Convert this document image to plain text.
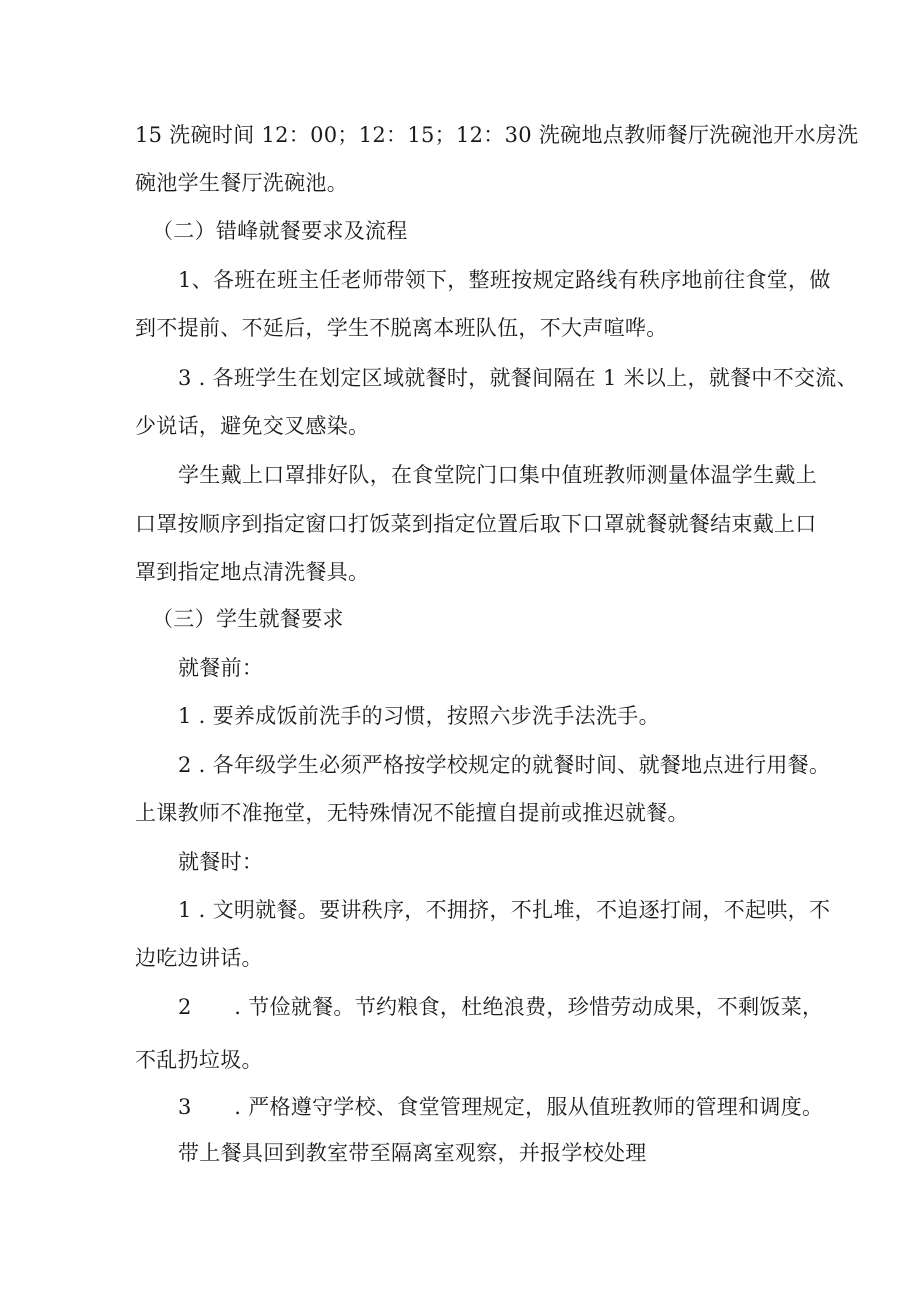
15 洗碗时间 12：00；12：15；12：30 洗碗地点教师餐厅洗碗池开水房洗
碗池学生餐厅洗碗池。
（二）错峰就餐要求及流程
1、各班在班主任老师带领下，整班按规定路线有秩序地前往食堂，做
到不提前、不延后，学生不脱离本班队伍，不大声喧哗。
3 . 各班学生在划定区域就餐时，就餐间隔在 1 米以上，就餐中不交流、
少说话，避免交叉感染。
学生戴上口罩排好队，在食堂院门口集中值班教师测量体温学生戴上
口罩按顺序到指定窗口打饭菜到指定位置后取下口罩就餐就餐结束戴上口
罩到指定地点清洗餐具。
（三）学生就餐要求
就餐前：
1 . 要养成饭前洗手的习惯，按照六步洗手法洗手。
2 . 各年级学生必须严格按学校规定的就餐时间、就餐地点进行用餐。
上课教师不准拖堂，无特殊情况不能擅自提前或推迟就餐。
就餐时：
1 . 文明就餐。要讲秩序，不拥挤，不扎堆，不追逐打闹，不起哄，不
边吃边讲话。
2　　. 节俭就餐。节约粮食，杜绝浪费，珍惜劳动成果，不剩饭菜，
不乱扔垃圾。
3　　. 严格遵守学校、食堂管理规定，服从值班教师的管理和调度。
带上餐具回到教室带至隔离室观察，并报学校处理
